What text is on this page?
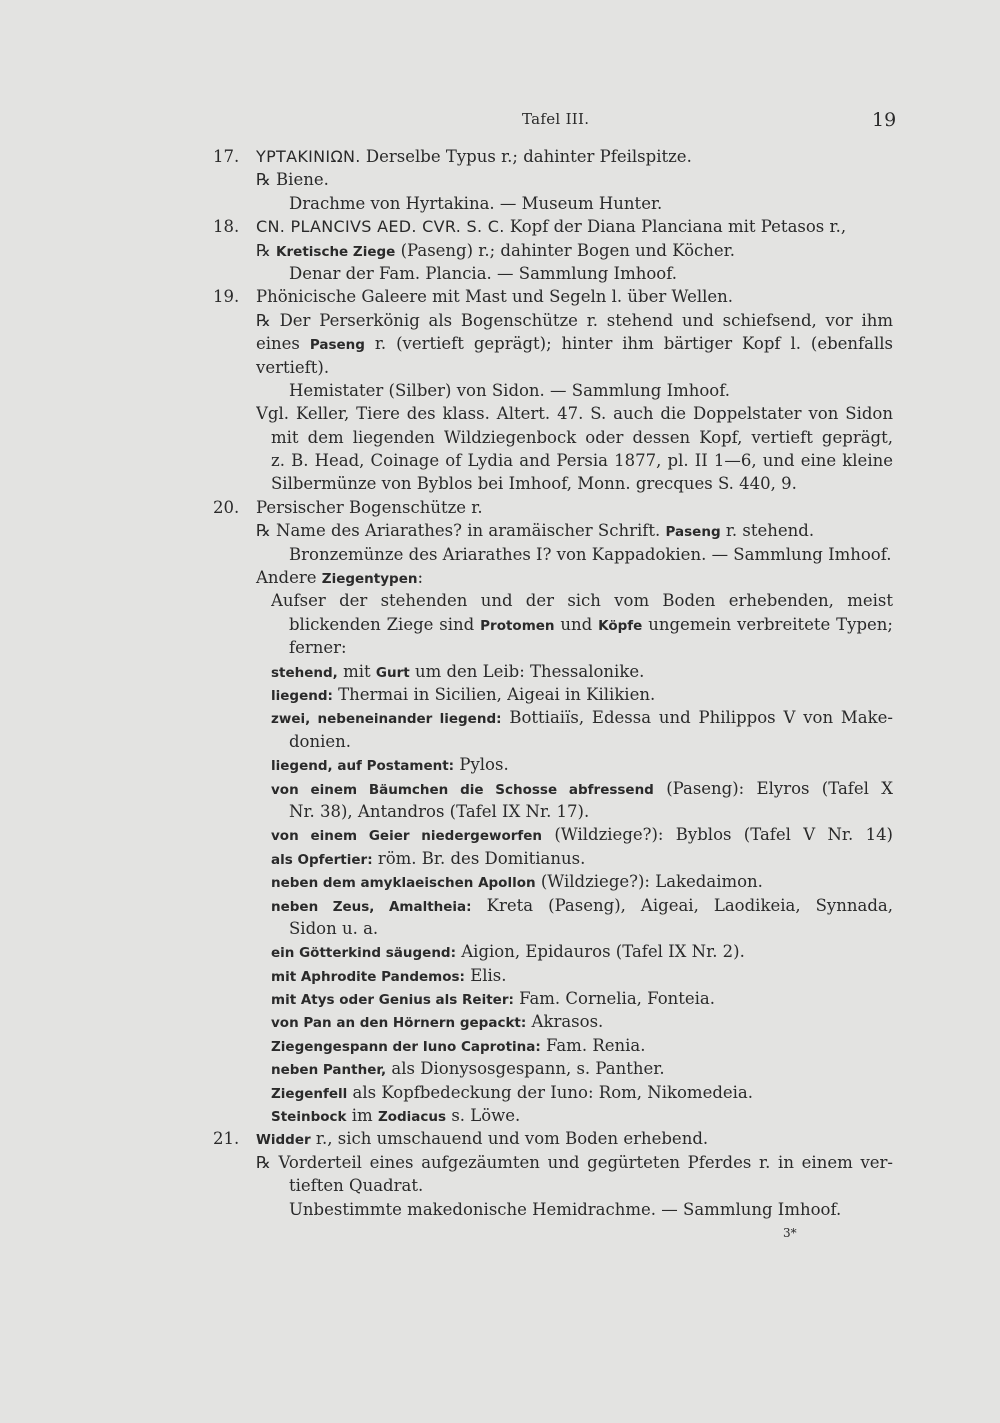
Tafel III.	19
17. ΥΡΤΑΚΙΝΙΩΝ. Derselbe Typus r.; dahinter Pfeilspitze.
℞ Biene.
Drachme von Hyrtakina. — Museum Hunter.
18. CN. PLANCIVS AED. CVR. S. C. Kopf der Diana Planciana mit Petasos r.,
℞ Kretische Ziege (Paseng) r.; dahinter Bogen und Köcher.
Denar der Fam. Plancia. — Sammlung Imhoof.
19. Phönicische Galeere mit Mast und Segeln l. über Wellen.
℞ Der Perserkönig als Bogenschütze r. stehend und schiefsend, vor ihm
eines Paseng r. (vertieft geprägt); hinter ihm bärtiger Kopf l. (ebenfalls
vertieft).
Hemistater (Silber) von Sidon. — Sammlung Imhoof.
Vgl. Keller, Tiere des klass. Altert. 47. S. auch die Doppelstater von Sidon
mit dem liegenden Wildziegenbock oder dessen Kopf, vertieft geprägt,
z. B. Head, Coinage of Lydia and Persia 1877, pl. II 1—6, und eine kleine
Silbermünze von Byblos bei Imhoof, Monn. grecques S. 440, 9.
20. Persischer Bogenschütze r.
℞ Name des Ariarathes? in aramäischer Schrift. Paseng r. stehend.
Bronzemünze des Ariarathes I? von Kappadokien. — Sammlung Imhoof.
Andere Ziegentypen:
Aufser der stehenden und der sich vom Boden erhebenden, meist
blickenden Ziege sind Protomen und Köpfe ungemein verbreitete Typen;
ferner:
stehend, mit Gurt um den Leib: Thessalonike.
liegend: Thermai in Sicilien, Aigeai in Kilikien.
zwei, nebeneinander liegend: Bottiaiïs, Edessa und Philippos V von Make-
donien.
liegend, auf Postament: Pylos.
von einem Bäumchen die Schosse abfressend (Paseng): Elyros (Tafel X
Nr. 38), Antandros (Tafel IX Nr. 17).
von einem Geier niedergeworfen (Wildziege?): Byblos (Tafel V Nr. 14)
als Opfertier: röm. Br. des Domitianus.
neben dem amyklaeischen Apollon (Wildziege?): Lakedaimon.
neben Zeus, Amaltheia: Kreta (Paseng), Aigeai, Laodikeia, Synnada,
Sidon u. a.
ein Götterkind säugend: Aigion, Epidauros (Tafel IX Nr. 2).
mit Aphrodite Pandemos: Elis.
mit Atys oder Genius als Reiter: Fam. Cornelia, Fonteia.
von Pan an den Hörnern gepackt: Akrasos.
Ziegengespann der Iuno Caprotina: Fam. Renia.
neben Panther, als Dionysosgespann, s. Panther.
Ziegenfell als Kopfbedeckung der Iuno: Rom, Nikomedeia.
Steinbock im Zodiacus s. Löwe.
21. Widder r., sich umschauend und vom Boden erhebend.
℞ Vorderteil eines aufgezäumten und gegürteten Pferdes r. in einem ver-
tieften Quadrat.
Unbestimmte makedonische Hemidrachme. — Sammlung Imhoof.
3*
